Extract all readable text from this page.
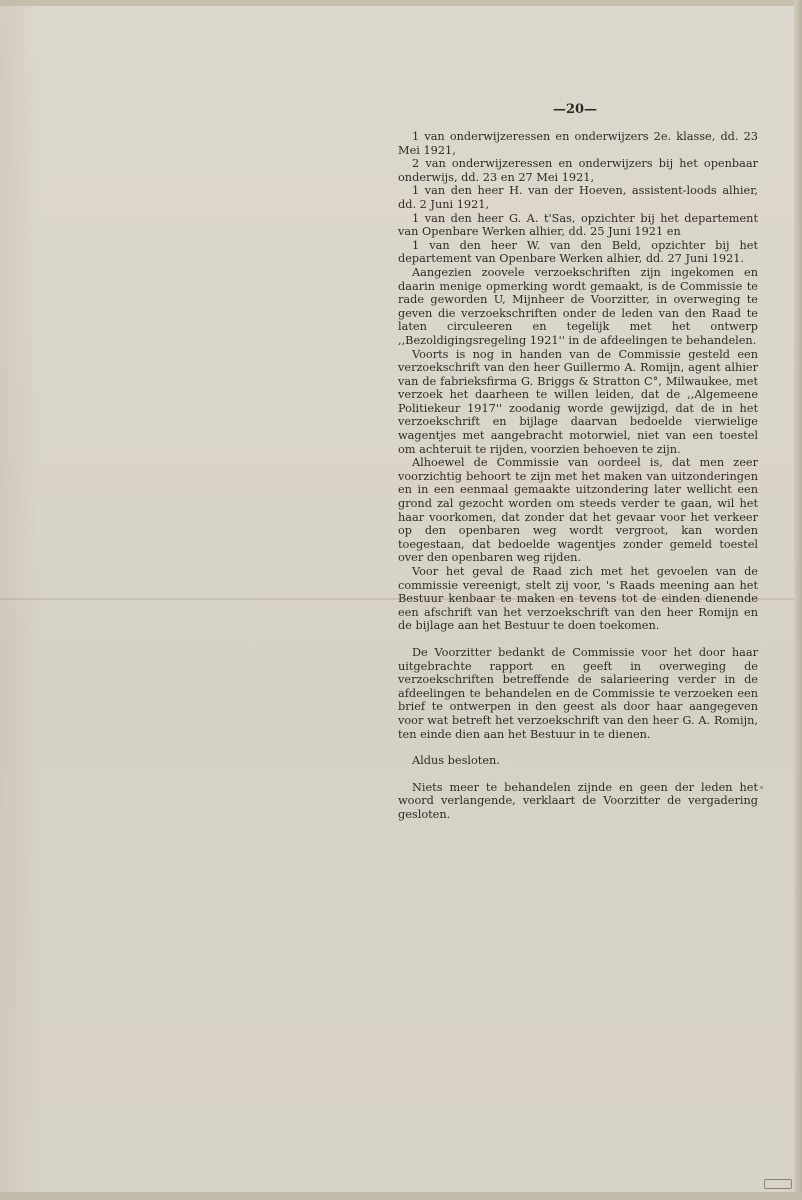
—20—

1 van onderwijzeressen en onderwijzers 2e. klasse, dd. 23 Mei 1921,

2 van onderwijzeressen en onderwijzers bij het openbaar onderwijs, dd. 23 en 27 Mei 1921,

1 van den heer H. van der Hoeven, assistent-loods alhier, dd. 2 Juni 1921,

1 van den heer G. A. t'Sas, opzichter bij het departement van Openbare Werken alhier, dd. 25 Juni 1921 en

1 van den heer W. van den Beld, opzichter bij het departement van Openbare Werken alhier, dd. 27 Juni 1921.

Aangezien zoovele verzoekschriften zijn ingekomen en daarin menige opmerking wordt gemaakt, is de Commissie te rade geworden U, Mijnheer de Voorzitter, in overweging te geven die verzoekschriften onder de leden van den Raad te laten circuleeren en tegelijk met het ontwerp ,,Bezoldigingsregeling 1921'' in de afdeelingen te behandelen.

Voorts is nog in handen van de Commissie gesteld een verzoekschrift van den heer Guillermo A. Romijn, agent alhier van de fabrieksfirma G. Briggs & Stratton C°, Milwaukee, met verzoek het daarheen te willen leiden, dat de ,,Algemeene Politiekeur 1917'' zoodanig worde gewijzigd, dat de in het verzoekschrift en bijlage daarvan bedoelde vierwielige wagentjes met aangebracht motorwiel, niet van een toestel om achteruit te rijden, voorzien behoeven te zijn.

Alhoewel de Commissie van oordeel is, dat men zeer voorzichtig behoort te zijn met het maken van uitzonderingen en in een eenmaal gemaakte uitzondering later wellicht een grond zal gezocht worden om steeds verder te gaan, wil het haar voorkomen, dat zonder dat het gevaar voor het verkeer op den openbaren weg wordt vergroot, kan worden toegestaan, dat bedoelde wagentjes zonder gemeld toestel over den openbaren weg rijden.

Voor het geval de Raad zich met het gevoelen van de commissie vereenigt, stelt zij voor, 's Raads meening aan het Bestuur kenbaar te maken en tevens tot de einden dienende een afschrift van het verzoekschrift van den heer Romijn en de bijlage aan het Bestuur te doen toekomen.

De Voorzitter bedankt de Commissie voor het door haar uitgebrachte rapport en geeft in overweging de verzoekschriften betreffende de salarieering verder in de afdeelingen te behandelen en de Commissie te verzoeken een brief te ontwerpen in den geest als door haar aangegeven voor wat betreft het verzoekschrift van den heer G. A. Romijn, ten einde dien aan het Bestuur in te dienen.

Aldus besloten.

Niets meer te behandelen zijnde en geen der leden het woord verlangende, verklaart de Voorzitter de vergadering gesloten.
